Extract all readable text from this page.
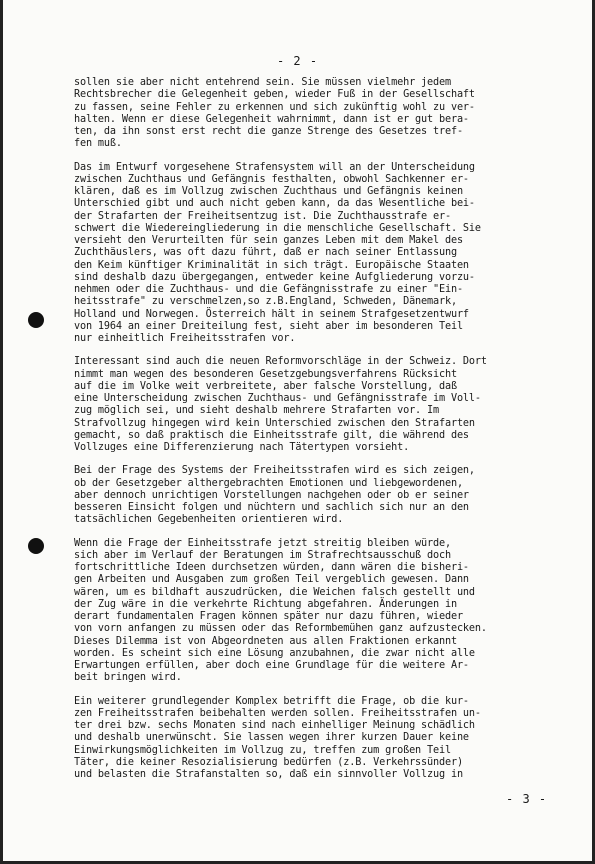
- 2 -

sollen sie aber nicht entehrend sein. Sie müssen vielmehr jedem
Rechtsbrecher die Gelegenheit geben, wieder Fuß in der Gesellschaft
zu fassen, seine Fehler zu erkennen und sich zukünftig wohl zu ver-
halten. Wenn er diese Gelegenheit wahrnimmt, dann ist er gut bera-
ten, da ihn sonst erst recht die ganze Strenge des Gesetzes tref-
fen muß.

Das im Entwurf vorgesehene Strafensystem will an der Unterscheidung
zwischen Zuchthaus und Gefängnis festhalten, obwohl Sachkenner er-
klären, daß es im Vollzug zwischen Zuchthaus und Gefängnis keinen
Unterschied gibt und auch nicht geben kann, da das Wesentliche bei-
der Strafarten der Freiheitsentzug ist. Die Zuchthausstrafe er-
schwert die Wiedereingliederung in die menschliche Gesellschaft. Sie
versieht den Verurteilten für sein ganzes Leben mit dem Makel des
Zuchthäuslers, was oft dazu führt, daß er nach seiner Entlassung
den Keim künftiger Kriminalität in sich trägt. Europäische Staaten
sind deshalb dazu übergegangen, entweder keine Aufgliederung vorzu-
nehmen oder die Zuchthaus- und die Gefängnisstrafe zu einer "Ein-
heitsstrafe" zu verschmelzen,so z.B.England, Schweden, Dänemark,
Holland und Norwegen. Österreich hält in seinem Strafgesetzentwurf
von 1964 an einer Dreiteilung fest, sieht aber im besonderen Teil
nur einheitlich Freiheitsstrafen vor.

Interessant sind auch die neuen Reformvorschläge in der Schweiz. Dort
nimmt man wegen des besonderen Gesetzgebungsverfahrens Rücksicht
auf die im Volke weit verbreitete, aber falsche Vorstellung, daß
eine Unterscheidung zwischen Zuchthaus- und Gefängnisstrafe im Voll-
zug möglich sei, und sieht deshalb mehrere Strafarten vor. Im
Strafvollzug hingegen wird kein Unterschied zwischen den Strafarten
gemacht, so daß praktisch die Einheitsstrafe gilt, die während des
Vollzuges eine Differenzierung nach Tätertypen vorsieht.

Bei der Frage des Systems der Freiheitsstrafen wird es sich zeigen,
ob der Gesetzgeber althergebrachten Emotionen und liebgewordenen,
aber dennoch unrichtigen Vorstellungen nachgehen oder ob er seiner
besseren Einsicht folgen und nüchtern und sachlich sich nur an den
tatsächlichen Gegebenheiten orientieren wird.

Wenn die Frage der Einheitsstrafe jetzt streitig bleiben würde,
sich aber im Verlauf der Beratungen im Strafrechtsausschuß doch
fortschrittliche Ideen durchsetzen würden, dann wären die bisheri-
gen Arbeiten und Ausgaben zum großen Teil vergeblich gewesen. Dann
wären, um es bildhaft auszudrücken, die Weichen falsch gestellt und
der Zug wäre in die verkehrte Richtung abgefahren. Änderungen in
derart fundamentalen Fragen können später nur dazu führen, wieder
von vorn anfangen zu müssen oder das Reformbemühen ganz aufzustecken.
Dieses Dilemma ist von Abgeordneten aus allen Fraktionen erkannt
worden. Es scheint sich eine Lösung anzubahnen, die zwar nicht alle
Erwartungen erfüllen, aber doch eine Grundlage für die weitere Ar-
beit bringen wird.

Ein weiterer grundlegender Komplex betrifft die Frage, ob die kur-
zen Freiheitsstrafen beibehalten werden sollen. Freiheitsstrafen un-
ter drei bzw. sechs Monaten sind nach einhelliger Meinung schädlich
und deshalb unerwünscht. Sie lassen wegen ihrer kurzen Dauer keine
Einwirkungsmöglichkeiten im Vollzug zu, treffen zum großen Teil
Täter, die keiner Resozialisierung bedürfen (z.B. Verkehrssünder)
und belasten die Strafanstalten so, daß ein sinnvoller Vollzug in

- 3 -
